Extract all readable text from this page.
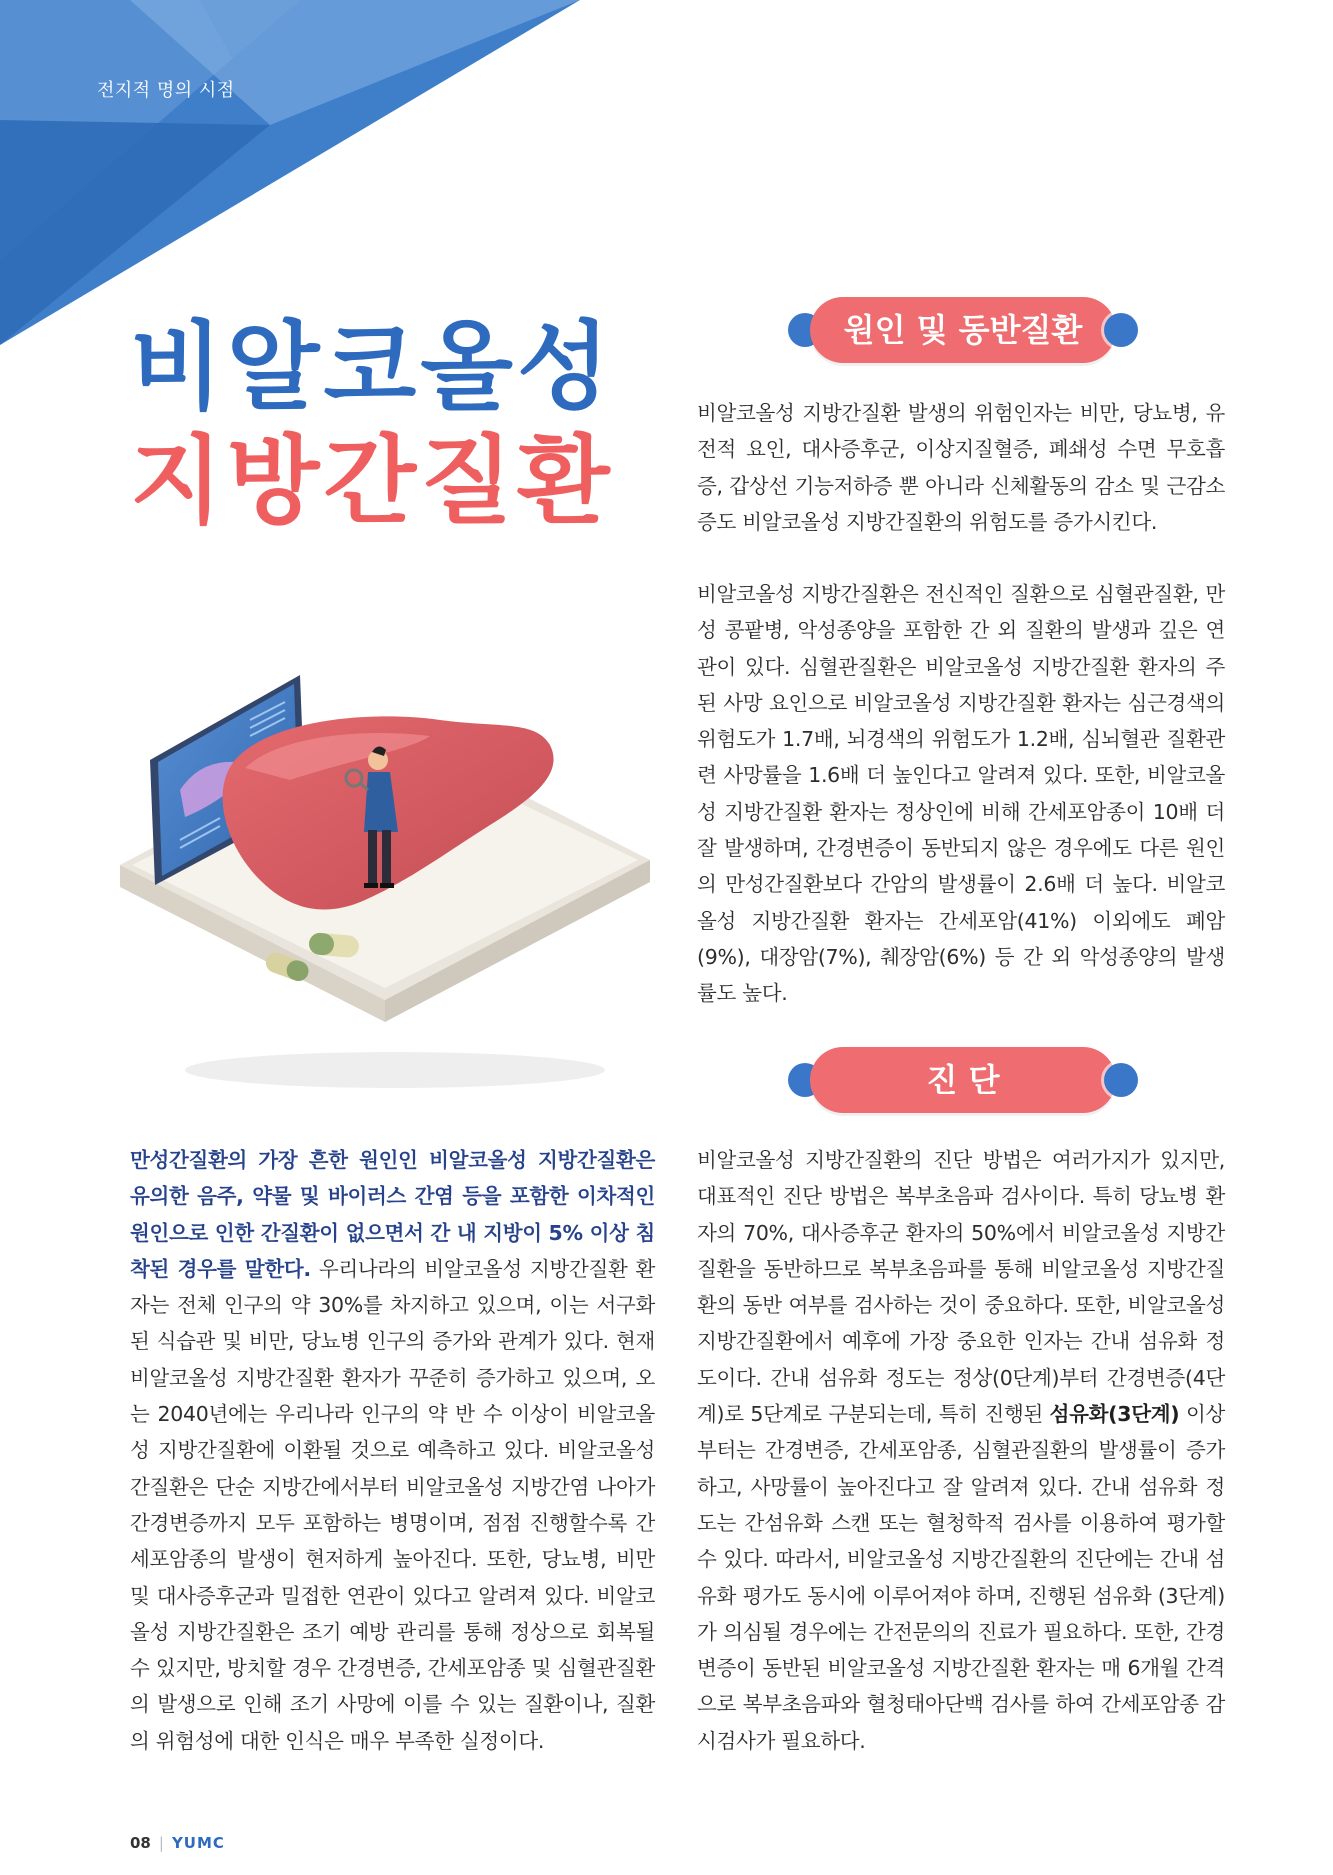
전지적 명의 시점
비알코올성
지방간질환
원인 및 동반질환
비알코올성 지방간질환 발생의 위험인자는 비만, 당뇨병, 유전적 요인, 대사증후군, 이상지질혈증, 폐쇄성 수면 무호흡증, 갑상선 기능저하증 뿐 아니라 신체활동의 감소 및 근감소증도 비알코올성 지방간질환의 위험도를 증가시킨다.
비알코올성 지방간질환은 전신적인 질환으로 심혈관질환, 만성 콩팥병, 악성종양을 포함한 간 외 질환의 발생과 깊은 연관이 있다. 심혈관질환은 비알코올성 지방간질환 환자의 주된 사망 요인으로 비알코올성 지방간질환 환자는 심근경색의 위험도가 1.7배, 뇌경색의 위험도가 1.2배, 심뇌혈관 질환관련 사망률을 1.6배 더 높인다고 알려져 있다. 또한, 비알코올성 지방간질환 환자는 정상인에 비해 간세포암종이 10배 더 잘 발생하며, 간경변증이 동반되지 않은 경우에도 다른 원인의 만성간질환보다 간암의 발생률이 2.6배 더 높다. 비알코올성 지방간질환 환자는 간세포암(41%) 이외에도 폐암(9%), 대장암(7%), 췌장암(6%) 등 간 외 악성종양의 발생률도 높다.
만성간질환의 가장 흔한 원인인 비알코올성 지방간질환은 유의한 음주, 약물 및 바이러스 간염 등을 포함한 이차적인 원인으로 인한 간질환이 없으면서 간 내 지방이 5% 이상 침착된 경우를 말한다. 우리나라의 비알코올성 지방간질환 환자는 전체 인구의 약 30%를 차지하고 있으며, 이는 서구화된 식습관 및 비만, 당뇨병 인구의 증가와 관계가 있다. 현재 비알코올성 지방간질환 환자가 꾸준히 증가하고 있으며, 오는 2040년에는 우리나라 인구의 약 반 수 이상이 비알코올성 지방간질환에 이환될 것으로 예측하고 있다. 비알코올성 간질환은 단순 지방간에서부터 비알코올성 지방간염 나아가 간경변증까지 모두 포함하는 병명이며, 점점 진행할수록 간세포암종의 발생이 현저하게 높아진다. 또한, 당뇨병, 비만 및 대사증후군과 밀접한 연관이 있다고 알려져 있다. 비알코올성 지방간질환은 조기 예방 관리를 통해 정상으로 회복될 수 있지만, 방치할 경우 간경변증, 간세포암종 및 심혈관질환의 발생으로 인해 조기 사망에 이를 수 있는 질환이나, 질환의 위험성에 대한 인식은 매우 부족한 실정이다.
진 단
비알코올성 지방간질환의 진단 방법은 여러가지가 있지만, 대표적인 진단 방법은 복부초음파 검사이다. 특히 당뇨병 환자의 70%, 대사증후군 환자의 50%에서 비알코올성 지방간질환을 동반하므로 복부초음파를 통해 비알코올성 지방간질환의 동반 여부를 검사하는 것이 중요하다. 또한, 비알코올성 지방간질환에서 예후에 가장 중요한 인자는 간내 섬유화 정도이다. 간내 섬유화 정도는 정상(0단계)부터 간경변증(4단계)로 5단계로 구분되는데, 특히 진행된 섬유화(3단계) 이상부터는 간경변증, 간세포암종, 심혈관질환의 발생률이 증가하고, 사망률이 높아진다고 잘 알려져 있다. 간내 섬유화 정도는 간섬유화 스캔 또는 혈청학적 검사를 이용하여 평가할 수 있다. 따라서, 비알코올성 지방간질환의 진단에는 간내 섬유화 평가도 동시에 이루어져야 하며, 진행된 섬유화 (3단계)가 의심될 경우에는 간전문의의 진료가 필요하다. 또한, 간경변증이 동반된 비알코올성 지방간질환 환자는 매 6개월 간격으로 복부초음파와 혈청태아단백 검사를 하여 간세포암종 감시검사가 필요하다.
08 | YUMC
